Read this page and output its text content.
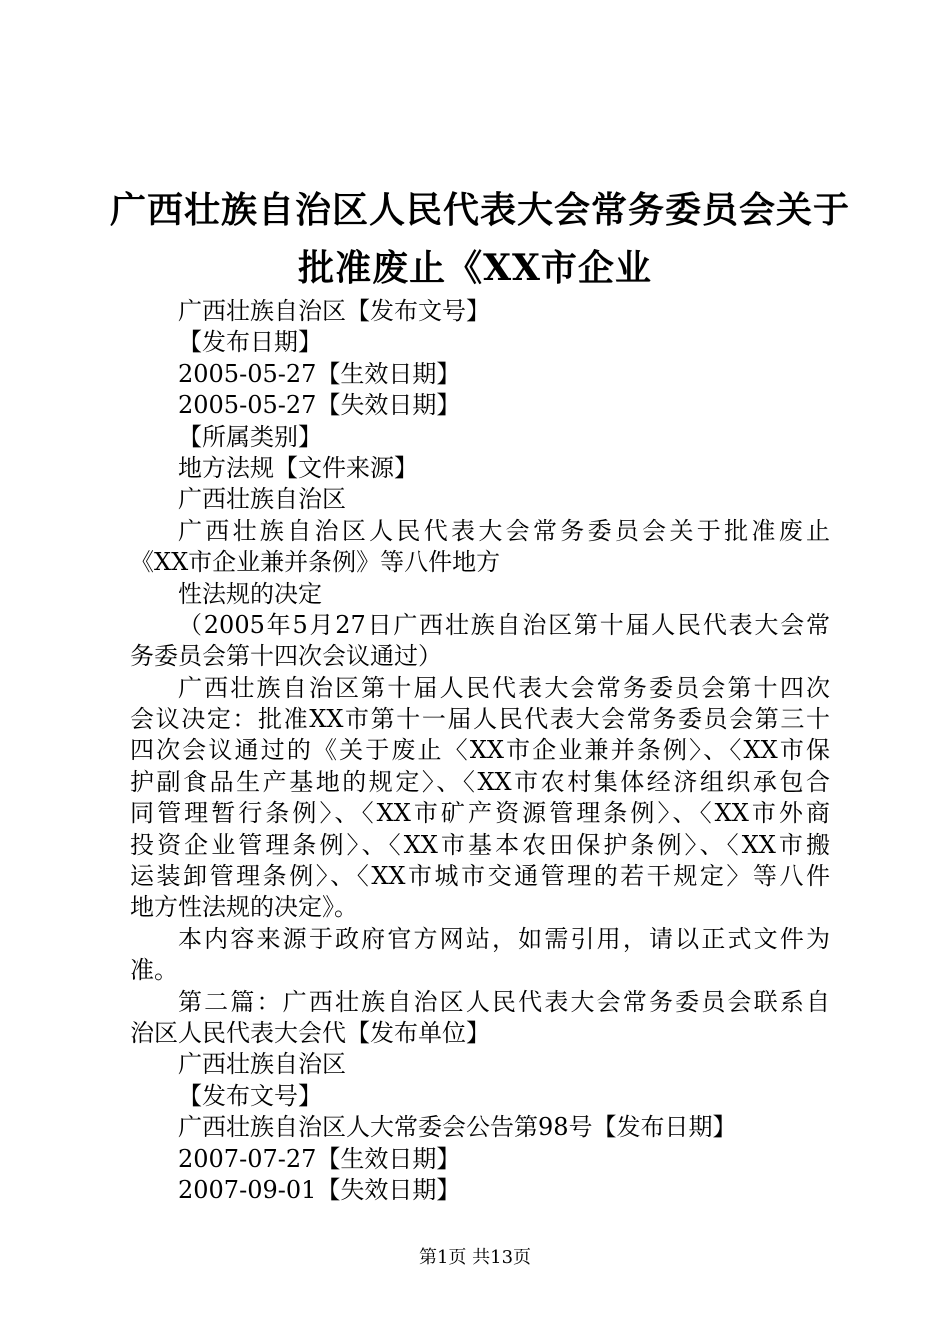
广西壮族自治区人民代表大会常务委员会关于
批准废止《XX市企业
广西壮族自治区【发布文号】
【发布日期】
2005-05-27【生效日期】
2005-05-27【失效日期】
【所属类别】
地方法规【文件来源】
广西壮族自治区
广西壮族自治区人民代表大会常务委员会关于批准废止
《XX市企业兼并条例》等八件地方
性法规的决定
（2005年5月27日广西壮族自治区第十届人民代表大会常
务委员会第十四次会议通过）
广西壮族自治区第十届人民代表大会常务委员会第十四次
会议决定：批准XX市第十一届人民代表大会常务委员会第三十
四次会议通过的《关于废止〈XX市企业兼并条例〉、〈XX市保
护副食品生产基地的规定〉、〈XX市农村集体经济组织承包合
同管理暂行条例〉、〈XX市矿产资源管理条例〉、〈XX市外商
投资企业管理条例〉、〈XX市基本农田保护条例〉、〈XX市搬
运装卸管理条例〉、〈XX市城市交通管理的若干规定〉等八件
地方性法规的决定》。
本内容来源于政府官方网站，如需引用，请以正式文件为
准。
第二篇：广西壮族自治区人民代表大会常务委员会联系自
治区人民代表大会代【发布单位】
广西壮族自治区
【发布文号】
广西壮族自治区人大常委会公告第98号【发布日期】
2007-07-27【生效日期】
2007-09-01【失效日期】
第1页 共13页
